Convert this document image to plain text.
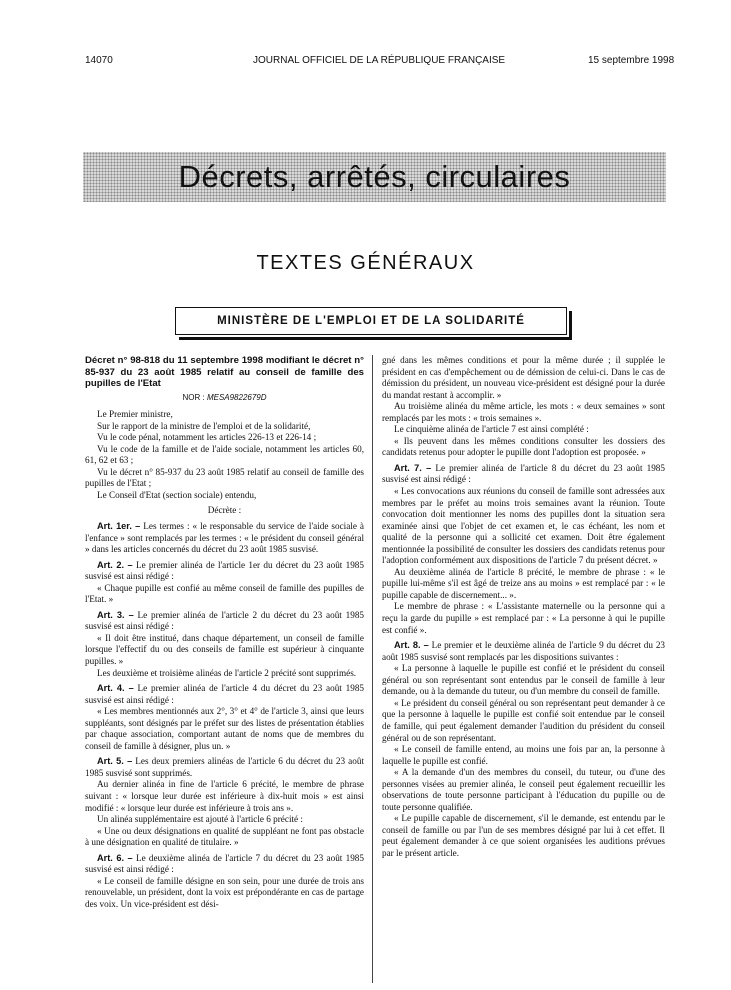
14070	JOURNAL OFFICIEL DE LA RÉPUBLIQUE FRANÇAISE	15 septembre 1998
Décrets, arrêtés, circulaires
TEXTES GÉNÉRAUX
MINISTÈRE DE L'EMPLOI ET DE LA SOLIDARITÉ

Décret n° 98-818 du 11 septembre 1998 modifiant le décret n° 85-937 du 23 août 1985 relatif au conseil de famille des pupilles de l'Etat

NOR : MESA9822679D

Le Premier ministre,

Sur le rapport de la ministre de l'emploi et de la solidarité,

Vu le code pénal, notamment les articles 226-13 et 226-14 ;

Vu le code de la famille et de l'aide sociale, notamment les articles 60, 61, 62 et 63 ;

Vu le décret n° 85-937 du 23 août 1985 relatif au conseil de famille des pupilles de l'Etat ;

Le Conseil d'Etat (section sociale) entendu,

Décrète :

Art. 1er. – Les termes : « le responsable du service de l'aide sociale à l'enfance » sont remplacés par les termes : « le président du conseil général » dans les articles concernés du décret du 23 août 1985 susvisé.

Art. 2. – Le premier alinéa de l'article 1er du décret du 23 août 1985 susvisé est ainsi rédigé :

« Chaque pupille est confié au même conseil de famille des pupilles de l'Etat. »

Art. 3. – Le premier alinéa de l'article 2 du décret du 23 août 1985 susvisé est ainsi rédigé :

« Il doit être institué, dans chaque département, un conseil de famille lorsque l'effectif du ou des conseils de famille est supérieur à cinquante pupilles. »

Les deuxième et troisième alinéas de l'article 2 précité sont supprimés.

Art. 4. – Le premier alinéa de l'article 4 du décret du 23 août 1985 susvisé est ainsi rédigé :

« Les membres mentionnés aux 2°, 3° et 4° de l'article 3, ainsi que leurs suppléants, sont désignés par le préfet sur des listes de présentation établies par chaque association, comportant autant de noms que de membres du conseil de famille à désigner, plus un. »

Art. 5. – Les deux premiers alinéas de l'article 6 du décret du 23 août 1985 susvisé sont supprimés.

Au dernier alinéa in fine de l'article 6 précité, le membre de phrase suivant : « lorsque leur durée est inférieure à dix-huit mois » est ainsi modifié : « lorsque leur durée est inférieure à trois ans ».

Un alinéa supplémentaire est ajouté à l'article 6 précité :

« Une ou deux désignations en qualité de suppléant ne font pas obstacle à une désignation en qualité de titulaire. »

Art. 6. – Le deuxième alinéa de l'article 7 du décret du 23 août 1985 susvisé est ainsi rédigé :

« Le conseil de famille désigne en son sein, pour une durée de trois ans renouvelable, un président, dont la voix est prépondérante en cas de partage des voix. Un vice-président est dési-

gné dans les mêmes conditions et pour la même durée ; il supplée le président en cas d'empêchement ou de démission de celui-ci. Dans le cas de démission du président, un nouveau vice-président est désigné pour la durée du mandat restant à accomplir. »

Au troisième alinéa du même article, les mots : « deux semaines » sont remplacés par les mots : « trois semaines ».

Le cinquième alinéa de l'article 7 est ainsi complété :

« Ils peuvent dans les mêmes conditions consulter les dossiers des candidats retenus pour adopter le pupille dont l'adoption est proposée. »

Art. 7. – Le premier alinéa de l'article 8 du décret du 23 août 1985 susvisé est ainsi rédigé :

« Les convocations aux réunions du conseil de famille sont adressées aux membres par le préfet au moins trois semaines avant la réunion. Toute convocation doit mentionner les noms des pupilles dont la situation sera examinée ainsi que l'objet de cet examen et, le cas échéant, les nom et qualité de la personne qui a sollicité cet examen. Doit être également mentionnée la possibilité de consulter les dossiers des candidats retenus pour l'adoption conformément aux dispositions de l'article 7 du présent décret. »

Au deuxième alinéa de l'article 8 précité, le membre de phrase : « le pupille lui-même s'il est âgé de treize ans au moins » est remplacé par : « le pupille capable de discernement... ».

Le membre de phrase : « L'assistante maternelle ou la personne qui a reçu la garde du pupille » est remplacé par : « La personne à qui le pupille est confié ».

Art. 8. – Le premier et le deuxième alinéa de l'article 9 du décret du 23 août 1985 susvisé sont remplacés par les dispositions suivantes :

« La personne à laquelle le pupille est confié et le président du conseil général ou son représentant sont entendus par le conseil de famille à leur demande, ou à la demande du tuteur, ou d'un membre du conseil de famille.

« Le président du conseil général ou son représentant peut demander à ce que la personne à laquelle le pupille est confié soit entendue par le conseil de famille, qui peut également demander l'audition du président du conseil général ou de son représentant.

« Le conseil de famille entend, au moins une fois par an, la personne à laquelle le pupille est confié.

« A la demande d'un des membres du conseil, du tuteur, ou d'une des personnes visées au premier alinéa, le conseil peut également recueillir les observations de toute personne participant à l'éducation du pupille ou de toute personne qualifiée.

« Le pupille capable de discernement, s'il le demande, est entendu par le conseil de famille ou par l'un de ses membres désigné par lui à cet effet. Il peut également demander à ce que soient organisées les auditions prévues par le présent article.
